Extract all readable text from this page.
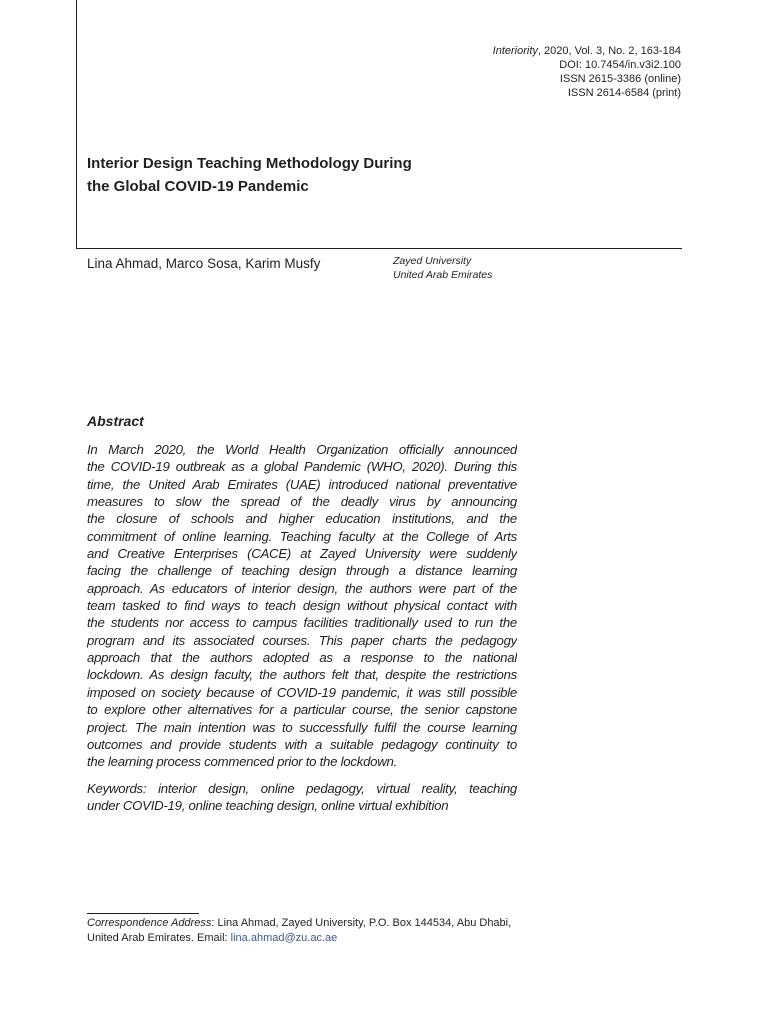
Interiority, 2020, Vol. 3, No. 2, 163-184
DOI: 10.7454/in.v3i2.100
ISSN 2615-3386 (online)
ISSN 2614-6584 (print)
Interior Design Teaching Methodology During
the Global COVID-19 Pandemic
Lina Ahmad, Marco Sosa, Karim Musfy	Zayed University
United Arab Emirates
Abstract
In March 2020, the World Health Organization officially announced
the COVID-19 outbreak as a global Pandemic (WHO, 2020). During this
time, the United Arab Emirates (UAE) introduced national preventative
measures to slow the spread of the deadly virus by announcing
the closure of schools and higher education institutions, and the
commitment of online learning. Teaching faculty at the College of Arts
and Creative Enterprises (CACE) at Zayed University were suddenly
facing the challenge of teaching design through a distance learning
approach. As educators of interior design, the authors were part of the
team tasked to find ways to teach design without physical contact with
the students nor access to campus facilities traditionally used to run the
program and its associated courses. This paper charts the pedagogy
approach that the authors adopted as a response to the national
lockdown. As design faculty, the authors felt that, despite the restrictions
imposed on society because of COVID-19 pandemic, it was still possible
to explore other alternatives for a particular course, the senior capstone
project. The main intention was to successfully fulfil the course learning
outcomes and provide students with a suitable pedagogy continuity to
the learning process commenced prior to the lockdown.
Keywords: interior design, online pedagogy, virtual reality, teaching
under COVID-19, online teaching design, online virtual exhibition
Correspondence Address: Lina Ahmad, Zayed University, P.O. Box 144534, Abu Dhabi,
United Arab Emirates. Email: lina.ahmad@zu.ac.ae
